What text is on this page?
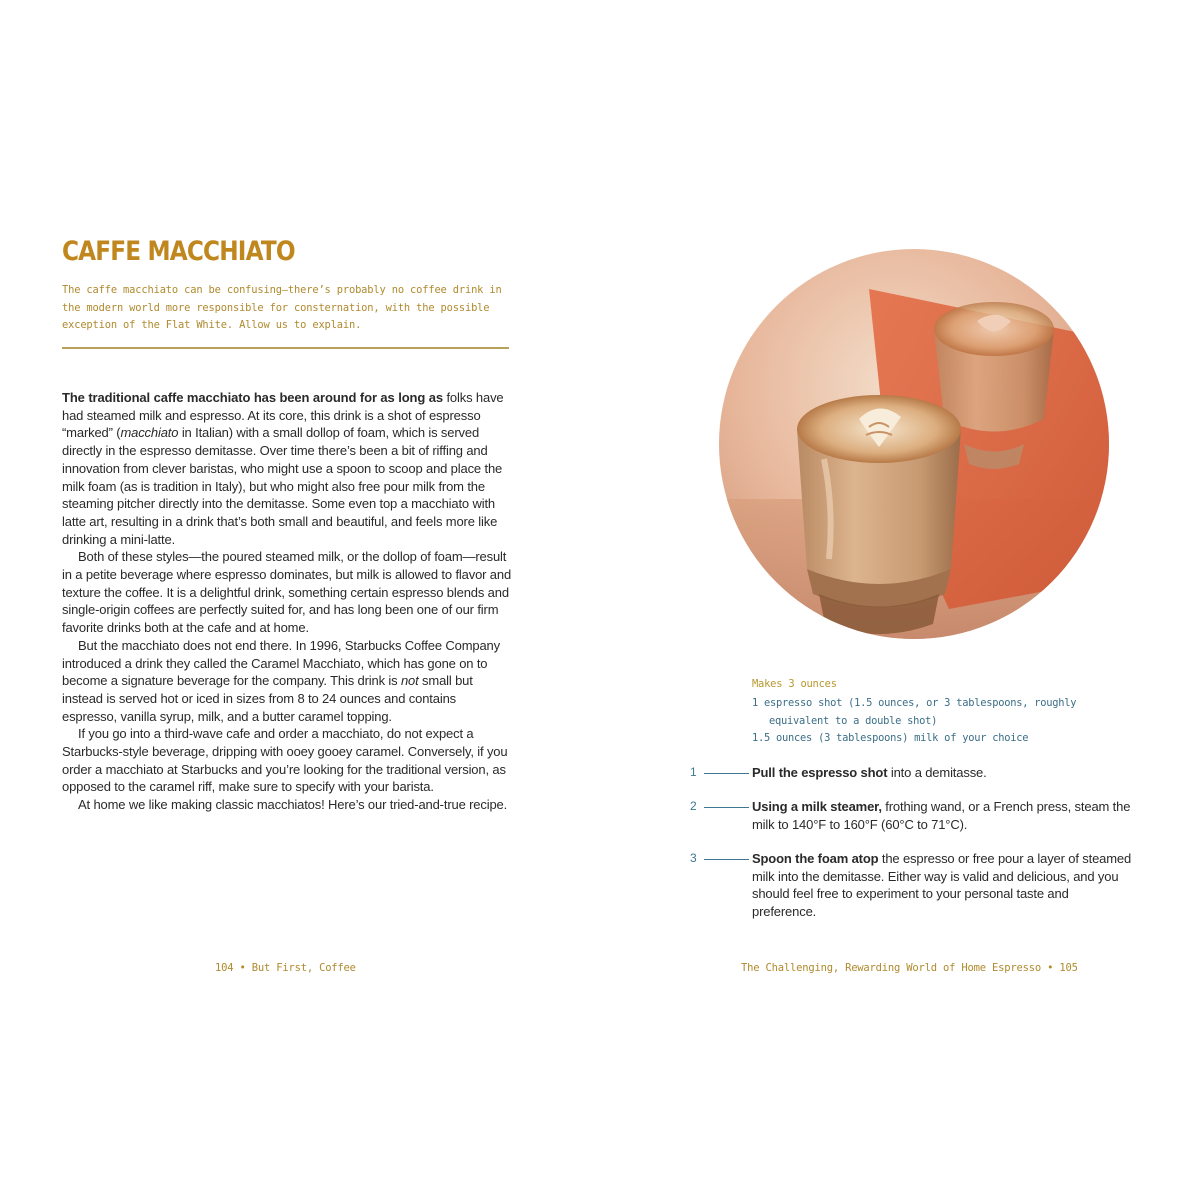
CAFFE MACCHIATO

The caffe macchiato can be confusing—there’s probably no coffee drink in the modern world more responsible for consternation, with the possible exception of the Flat White. Allow us to explain.

The traditional caffe macchiato has been around for as long as folks have had steamed milk and espresso. At its core, this drink is a shot of espresso “marked” (macchiato in Italian) with a small dollop of foam, which is served directly in the espresso demitasse. Over time there’s been a bit of riffing and innovation from clever baristas, who might use a spoon to scoop and place the milk foam (as is tradition in Italy), but who might also free pour milk from the steaming pitcher directly into the demitasse. Some even top a macchiato with latte art, resulting in a drink that’s both small and beautiful, and feels more like drinking a mini-latte.

Both of these styles—the poured steamed milk, or the dollop of foam—result in a petite beverage where espresso dominates, but milk is allowed to flavor and texture the coffee. It is a delightful drink, something certain espresso blends and single-origin coffees are perfectly suited for, and has long been one of our firm favorite drinks both at the cafe and at home.

But the macchiato does not end there. In 1996, Starbucks Coffee Company introduced a drink they called the Caramel Macchiato, which has gone on to become a signature beverage for the company. This drink is not small but instead is served hot or iced in sizes from 8 to 24 ounces and contains espresso, vanilla syrup, milk, and a butter caramel topping.

If you go into a third-wave cafe and order a macchiato, do not expect a Starbucks-style beverage, dripping with ooey gooey caramel. Conversely, if you order a macchiato at Starbucks and you’re looking for the traditional version, as opposed to the caramel riff, make sure to specify with your barista.

At home we like making classic macchiatos! Here’s our tried-and-true recipe.

104 • But First, Coffee

Makes 3 ounces

1 espresso shot (1.5 ounces, or 3 tablespoons, roughly equivalent to a double shot)
1.5 ounces (3 tablespoons) milk of your choice
1	Pull the espresso shot into a demitasse.

2	Using a milk steamer, frothing wand, or a French press, steam the milk to 140°F to 160°F (60°C to 71°C).

3	Spoon the foam atop the espresso or free pour a layer of steamed milk into the demitasse. Either way is valid and delicious, and you should feel free to experiment to your personal taste and preference.

The Challenging, Rewarding World of Home Espresso • 105
